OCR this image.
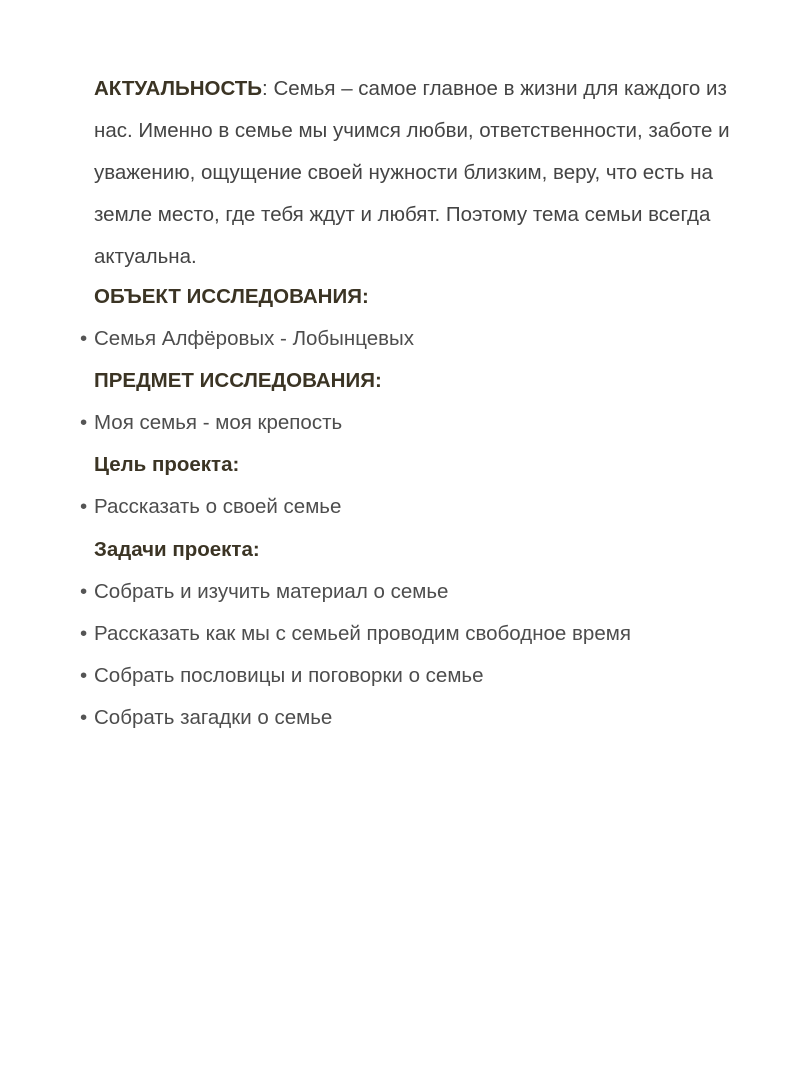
АКТУАЛЬНОСТЬ: Семья – самое главное в жизни для каждого из нас. Именно в семье мы учимся любви, ответственности, заботе и уважению, ощущение своей нужности близким, веру, что есть на земле место, где тебя ждут и любят. Поэтому тема семьи всегда актуальна.
ОБЪЕКТ ИССЛЕДОВАНИЯ:
• Семья Алфёровых - Лобынцевых
ПРЕДМЕТ ИССЛЕДОВАНИЯ:
• Моя семья - моя крепость
Цель проекта:
• Рассказать о своей семье
Задачи проекта:
• Собрать и изучить материал о семье
• Рассказать как мы с семьей проводим свободное время
• Собрать пословицы и поговорки о семье
• Собрать загадки о семье
